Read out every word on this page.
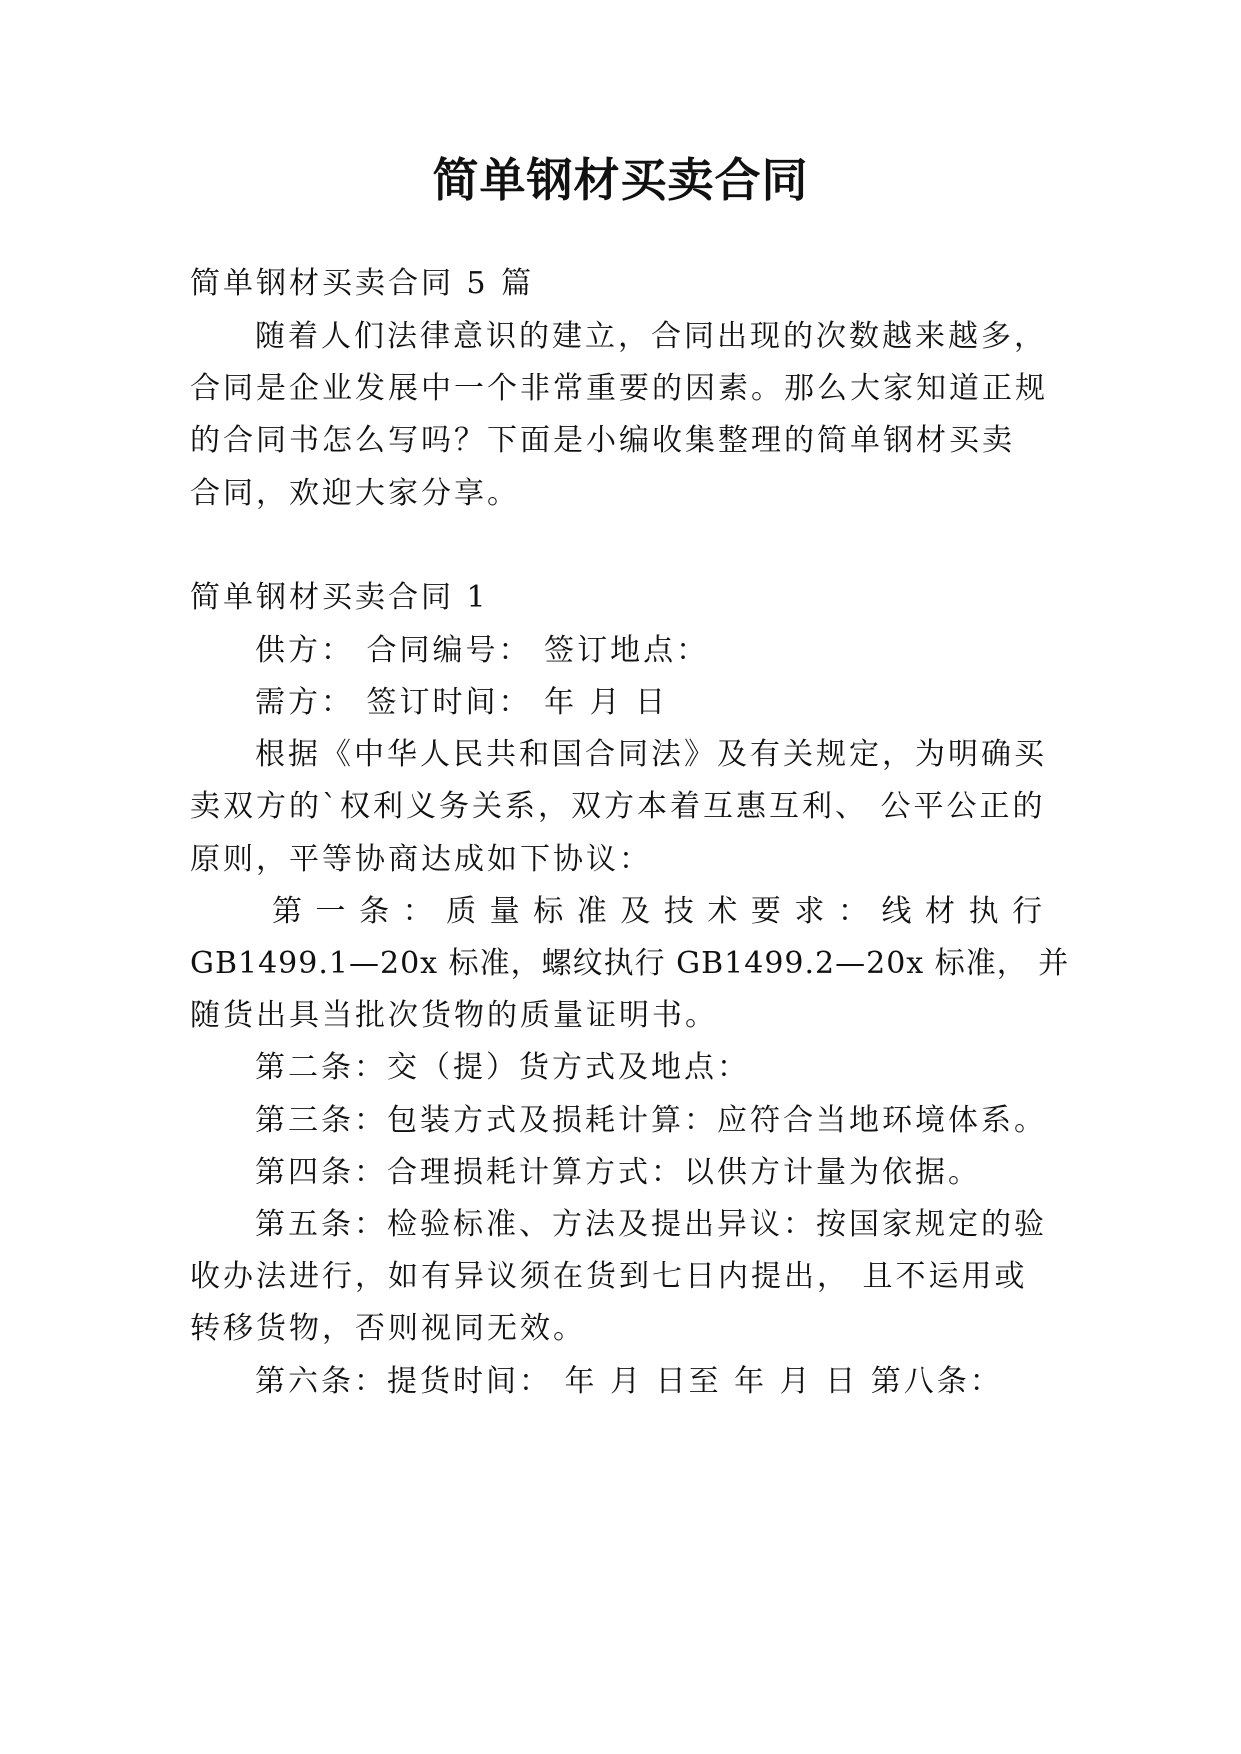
简单钢材买卖合同
简单钢材买卖合同 5 篇
随着人们法律意识的建立，合同出现的次数越来越多，
合同是企业发展中一个非常重要的因素。那么大家知道正规
的合同书怎么写吗？下面是小编收集整理的简单钢材买卖
合同，欢迎大家分享。
简单钢材买卖合同 1
供方： 合同编号： 签订地点：
需方： 签订时间： 年 月 日
根据《中华人民共和国合同法》及有关规定，为明确买
卖双方的`权利义务关系，双方本着互惠互利、 公平公正的
原则，平等协商达成如下协议：
第 一 条 ： 质 量 标 准 及 技 术 要 求 ： 线 材 执 行
GB1499.1—20x 标准，螺纹执行 GB1499.2—20x 标准， 并
随货出具当批次货物的质量证明书。
第二条：交（提）货方式及地点：
第三条：包装方式及损耗计算：应符合当地环境体系。
第四条：合理损耗计算方式：以供方计量为依据。
第五条：检验标准、方法及提出异议：按国家规定的验
收办法进行，如有异议须在货到七日内提出， 且不运用或
转移货物，否则视同无效。
第六条：提货时间： 年 月 日至 年 月 日 第八条：
